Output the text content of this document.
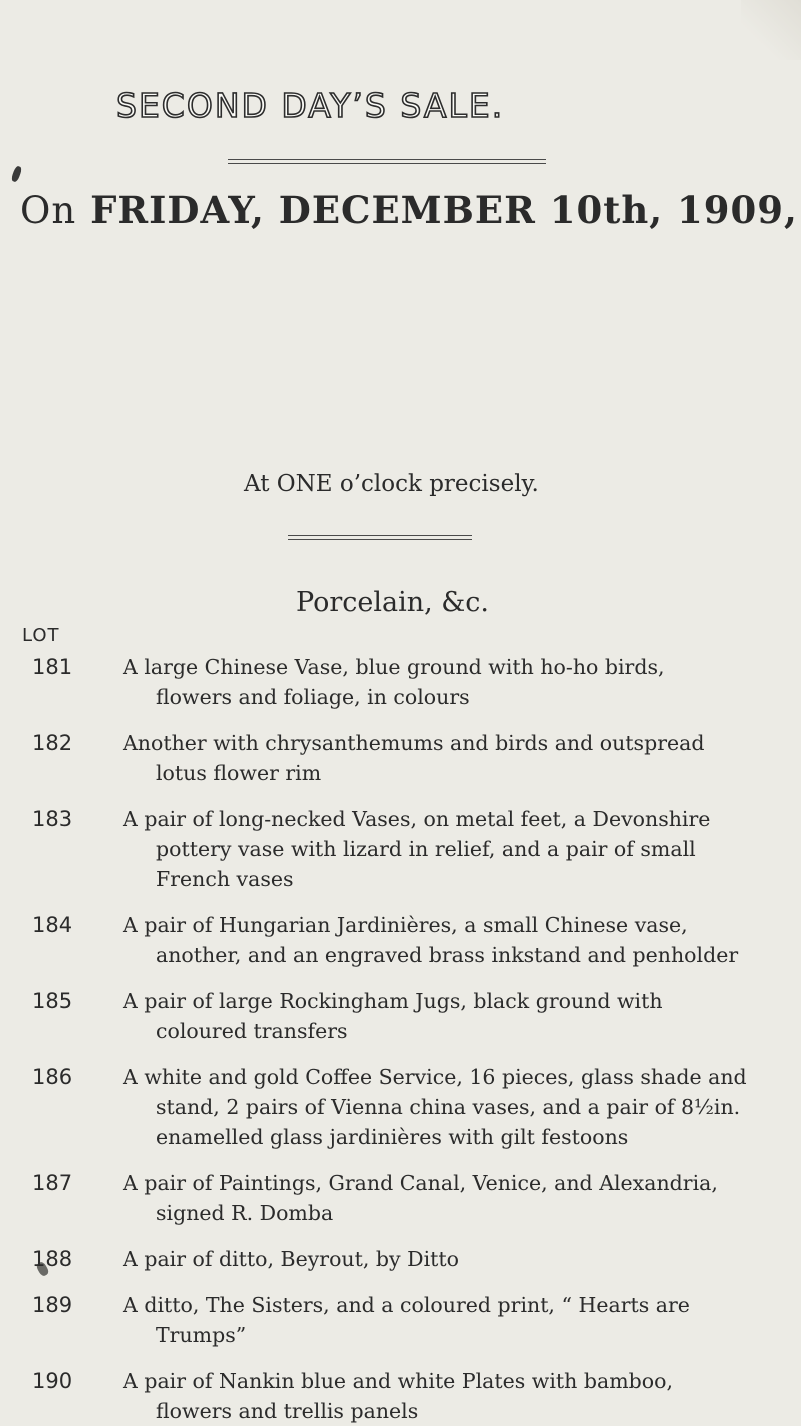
SECOND DAY’S SALE.
On FRIDAY, DECEMBER 10th, 1909,
At ONE o’clock precisely.
Porcelain, &c.
LOT
181 A large Chinese Vase, blue ground with ho-ho birds,
flowers and foliage, in colours
182 Another with chrysanthemums and birds and outspread
lotus flower rim
183 A pair of long-necked Vases, on metal feet, a Devonshire
pottery vase with lizard in relief, and a pair of small
French vases
184 A pair of Hungarian Jardinières, a small Chinese vase,
another, and an engraved brass inkstand and penholder
185 A pair of large Rockingham Jugs, black ground with
coloured transfers
186 A white and gold Coffee Service, 16 pieces, glass shade and
stand, 2 pairs of Vienna china vases, and a pair of 8½in.
enamelled glass jardinières with gilt festoons
187 A pair of Paintings, Grand Canal, Venice, and Alexandria,
signed R. Domba
188 A pair of ditto, Beyrout, by Ditto
189 A ditto, The Sisters, and a coloured print, “ Hearts are
Trumps”
190 A pair of Nankin blue and white Plates with bamboo,
flowers and trellis panels
